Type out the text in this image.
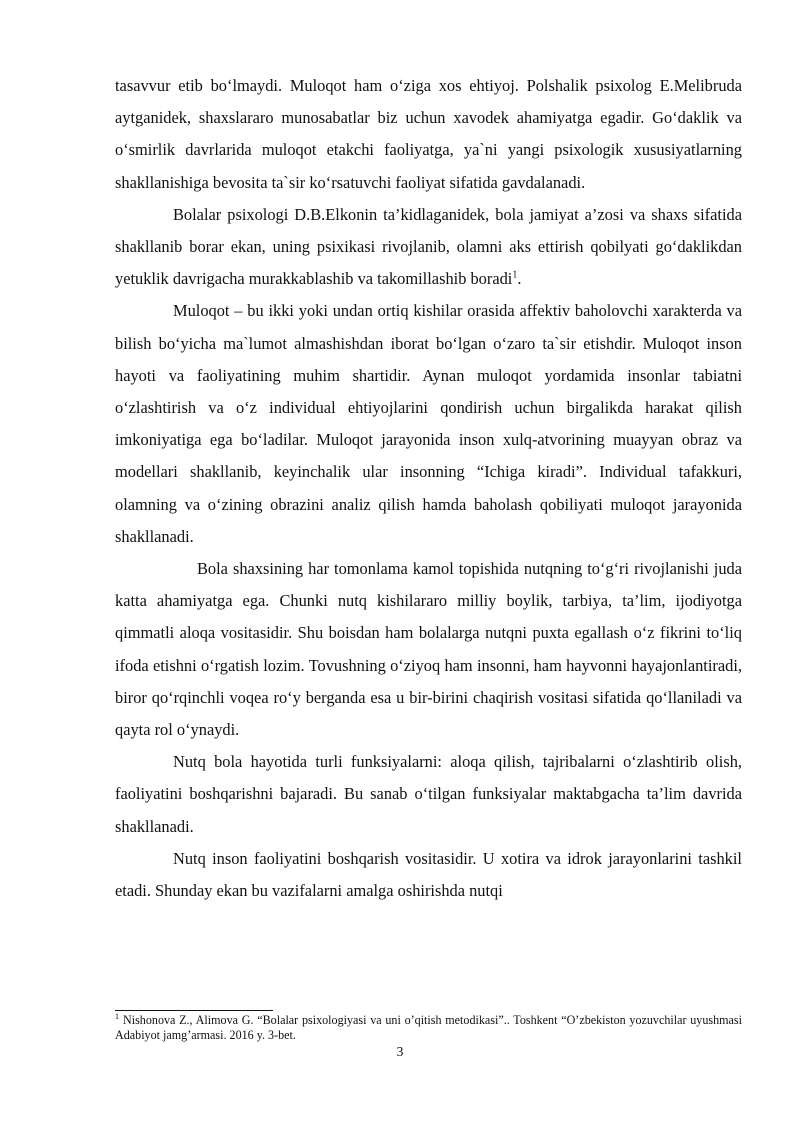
tasavvur etib bo‘lmaydi. Muloqot ham o‘ziga xos ehtiyoj. Polshalik psixolog E.Melibruda aytganidek, shaxslararo munosabatlar biz uchun xavodek ahamiyatga egadir. Go‘daklik va o‘smirlik davrlarida muloqot etakchi faoliyatga, ya`ni yangi psixologik xususiyatlarning shakllanishiga bevosita ta`sir ko‘rsatuvchi faoliyat sifatida gavdalanadi.

Bolalar psixologi D.B.Elkonin ta’kidlaganidek, bola jamiyat a’zosi va shaxs sifatida shakllanib borar ekan, uning psixikasi rivojlanib, olamni aks ettirish qobilyati go‘daklikdan yetuklik davrigacha murakkablashib va takomillashib boradi$^1$.

Muloqot – bu ikki yoki undan ortiq kishilar orasida affektiv baholovchi xarakterda va bilish bo‘yicha ma`lumot almashishdan iborat bo‘lgan o‘zaro ta`sir etishdir. Muloqot inson hayoti va faoliyatining muhim shartidir. Aynan muloqot yordamida insonlar tabiatni o‘zlashtirish va o‘z individual ehtiyojlarini qondirish uchun birgalikda harakat qilish imkoniyatiga ega bo‘ladilar. Muloqot jarayonida inson xulq-atvorining muayyan obraz va modellari shakllanib, keyinchalik ular insonning “Ichiga kiradi”. Individual tafakkuri, olamning va o‘zining obrazini analiz qilish hamda baholash qobiliyati muloqot jarayonida shakllanadi.

Bola shaxsining har tomonlama kamol topishida nutqning to‘g‘ri rivojlanishi juda katta ahamiyatga ega. Chunki nutq kishilararo milliy boylik, tarbiya, ta’lim, ijodiyotga qimmatli aloqa vositasidir. Shu boisdan ham bolalarga nutqni puxta egallash o‘z fikrini to‘liq ifoda etishni o‘rgatish lozim. Tovushning o‘ziyoq ham insonni, ham hayvonni hayajonlantiradi, biror qo‘rqinchli voqea ro‘y berganda esa u bir-birini chaqirish vositasi sifatida qo‘llaniladi va qayta rol o‘ynaydi.

Nutq bola hayotida turli funksiyalarni: aloqa qilish, tajribalarni o‘zlashtirib olish, faoliyatini boshqarishni bajaradi. Bu sanab o‘tilgan funksiyalar maktabgacha ta’lim davrida shakllanadi.

Nutq inson faoliyatini boshqarish vositasidir. U xotira va idrok jarayonlarini tashkil etadi. Shunday ekan bu vazifalarni amalga oshirishda nutqi

$^1$ Nishonova Z., Alimova G. “Bolalar psixologiyasi va uni o’qitish metodikasi”.. Toshkent “O’zbekiston yozuvchilar uyushmasi Adabiyot jamg’armasi. 2016 y. 3-bet.

3
